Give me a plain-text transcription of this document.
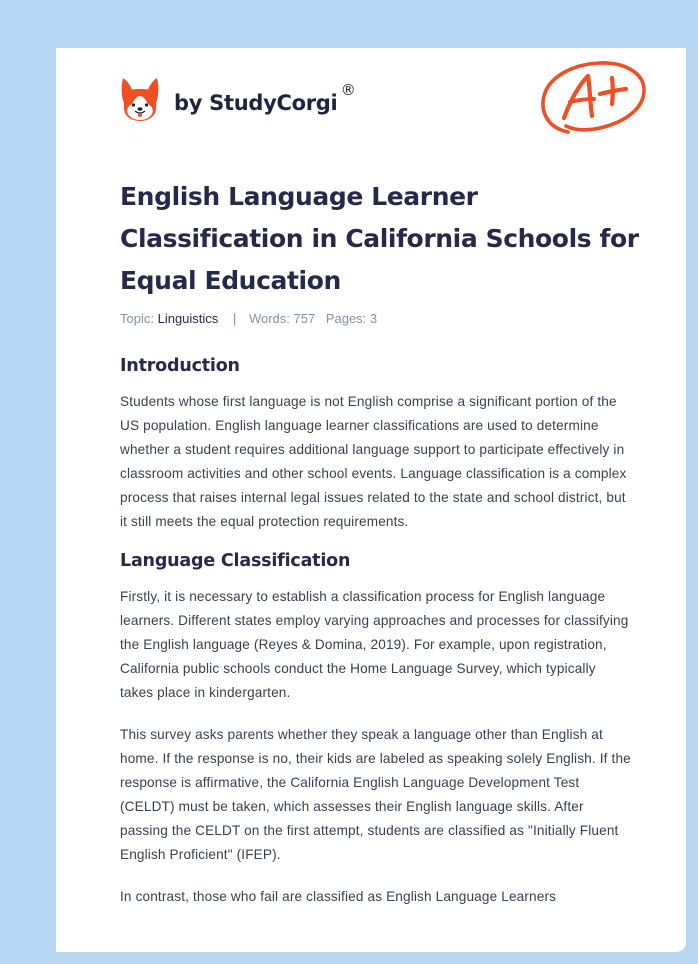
by StudyCorgi
®
English Language Learner Classification in California Schools for Equal Education
Topic: Linguistics | Words: 757 Pages: 3
Introduction

Students whose first language is not English comprise a significant portion of the US population. English language learner classifications are used to determine whether a student requires additional language support to participate effectively in classroom activities and other school events. Language classification is a complex process that raises internal legal issues related to the state and school district, but it still meets the equal protection requirements.

Language Classification

Firstly, it is necessary to establish a classification process for English language learners. Different states employ varying approaches and processes for classifying the English language (Reyes & Domina, 2019). For example, upon registration, California public schools conduct the Home Language Survey, which typically takes place in kindergarten.

This survey asks parents whether they speak a language other than English at home. If the response is no, their kids are labeled as speaking solely English. If the response is affirmative, the California English Language Development Test (CELDT) must be taken, which assesses their English language skills. After passing the CELDT on the first attempt, students are classified as "Initially Fluent English Proficient" (IFEP).

In contrast, those who fail are classified as English Language Learners
